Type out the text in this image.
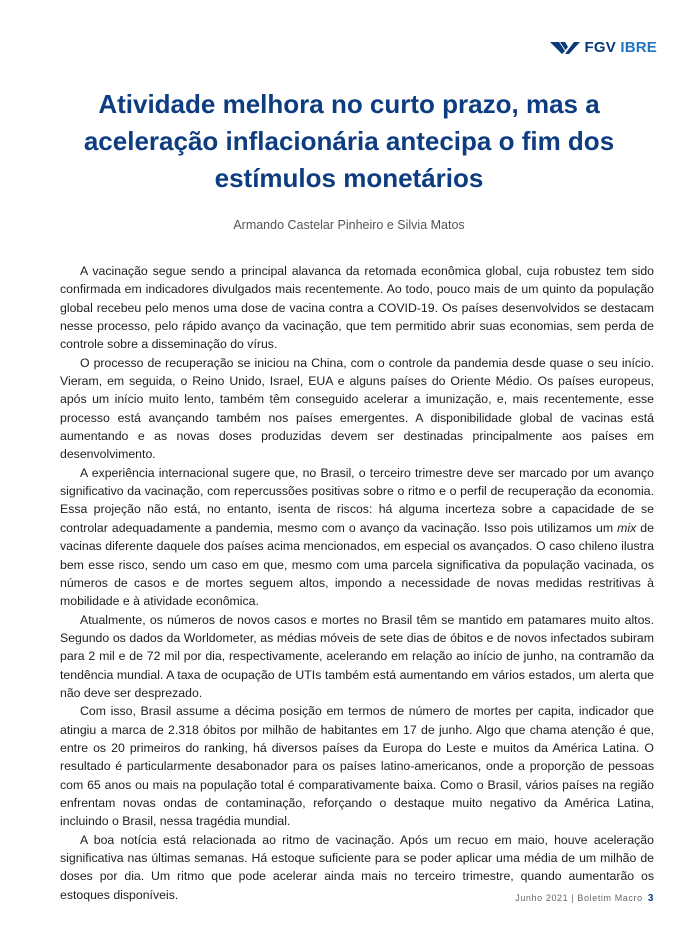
FGV IBRE
Atividade melhora no curto prazo, mas a aceleração inflacionária antecipa o fim dos estímulos monetários
Armando Castelar Pinheiro e Silvia Matos

A vacinação segue sendo a principal alavanca da retomada econômica global, cuja robustez tem sido confirmada em indicadores divulgados mais recentemente. Ao todo, pouco mais de um quinto da população global recebeu pelo menos uma dose de vacina contra a COVID-19. Os países desenvolvidos se destacam nesse processo, pelo rápido avanço da vacinação, que tem permitido abrir suas economias, sem perda de controle sobre a disseminação do vírus.

O processo de recuperação se iniciou na China, com o controle da pandemia desde quase o seu início. Vieram, em seguida, o Reino Unido, Israel, EUA e alguns países do Oriente Médio. Os países europeus, após um início muito lento, também têm conseguido acelerar a imunização, e, mais recentemente, esse processo está avançando também nos países emergentes. A disponibilidade global de vacinas está aumentando e as novas doses produzidas devem ser destinadas principalmente aos países em desenvolvimento.

A experiência internacional sugere que, no Brasil, o terceiro trimestre deve ser marcado por um avanço significativo da vacinação, com repercussões positivas sobre o ritmo e o perfil de recuperação da economia. Essa projeção não está, no entanto, isenta de riscos: há alguma incerteza sobre a capacidade de se controlar adequadamente a pandemia, mesmo com o avanço da vacinação. Isso pois utilizamos um mix de vacinas diferente daquele dos países acima mencionados, em especial os avançados. O caso chileno ilustra bem esse risco, sendo um caso em que, mesmo com uma parcela significativa da população vacinada, os números de casos e de mortes seguem altos, impondo a necessidade de novas medidas restritivas à mobilidade e à atividade econômica.

Atualmente, os números de novos casos e mortes no Brasil têm se mantido em patamares muito altos. Segundo os dados da Worldometer, as médias móveis de sete dias de óbitos e de novos infectados subiram para 2 mil e de 72 mil por dia, respectivamente, acelerando em relação ao início de junho, na contramão da tendência mundial. A taxa de ocupação de UTIs também está aumentando em vários estados, um alerta que não deve ser desprezado.

Com isso, Brasil assume a décima posição em termos de número de mortes per capita, indicador que atingiu a marca de 2.318 óbitos por milhão de habitantes em 17 de junho. Algo que chama atenção é que, entre os 20 primeiros do ranking, há diversos países da Europa do Leste e muitos da América Latina. O resultado é particularmente desabonador para os países latino-americanos, onde a proporção de pessoas com 65 anos ou mais na população total é comparativamente baixa. Como o Brasil, vários países na região enfrentam novas ondas de contaminação, reforçando o destaque muito negativo da América Latina, incluindo o Brasil, nessa tragédia mundial.

A boa notícia está relacionada ao ritmo de vacinação. Após um recuo em maio, houve aceleração significativa nas últimas semanas. Há estoque suficiente para se poder aplicar uma média de um milhão de doses por dia. Um ritmo que pode acelerar ainda mais no terceiro trimestre, quando aumentarão os estoques disponíveis.	Junho 2021 | Boletim Macro 3
